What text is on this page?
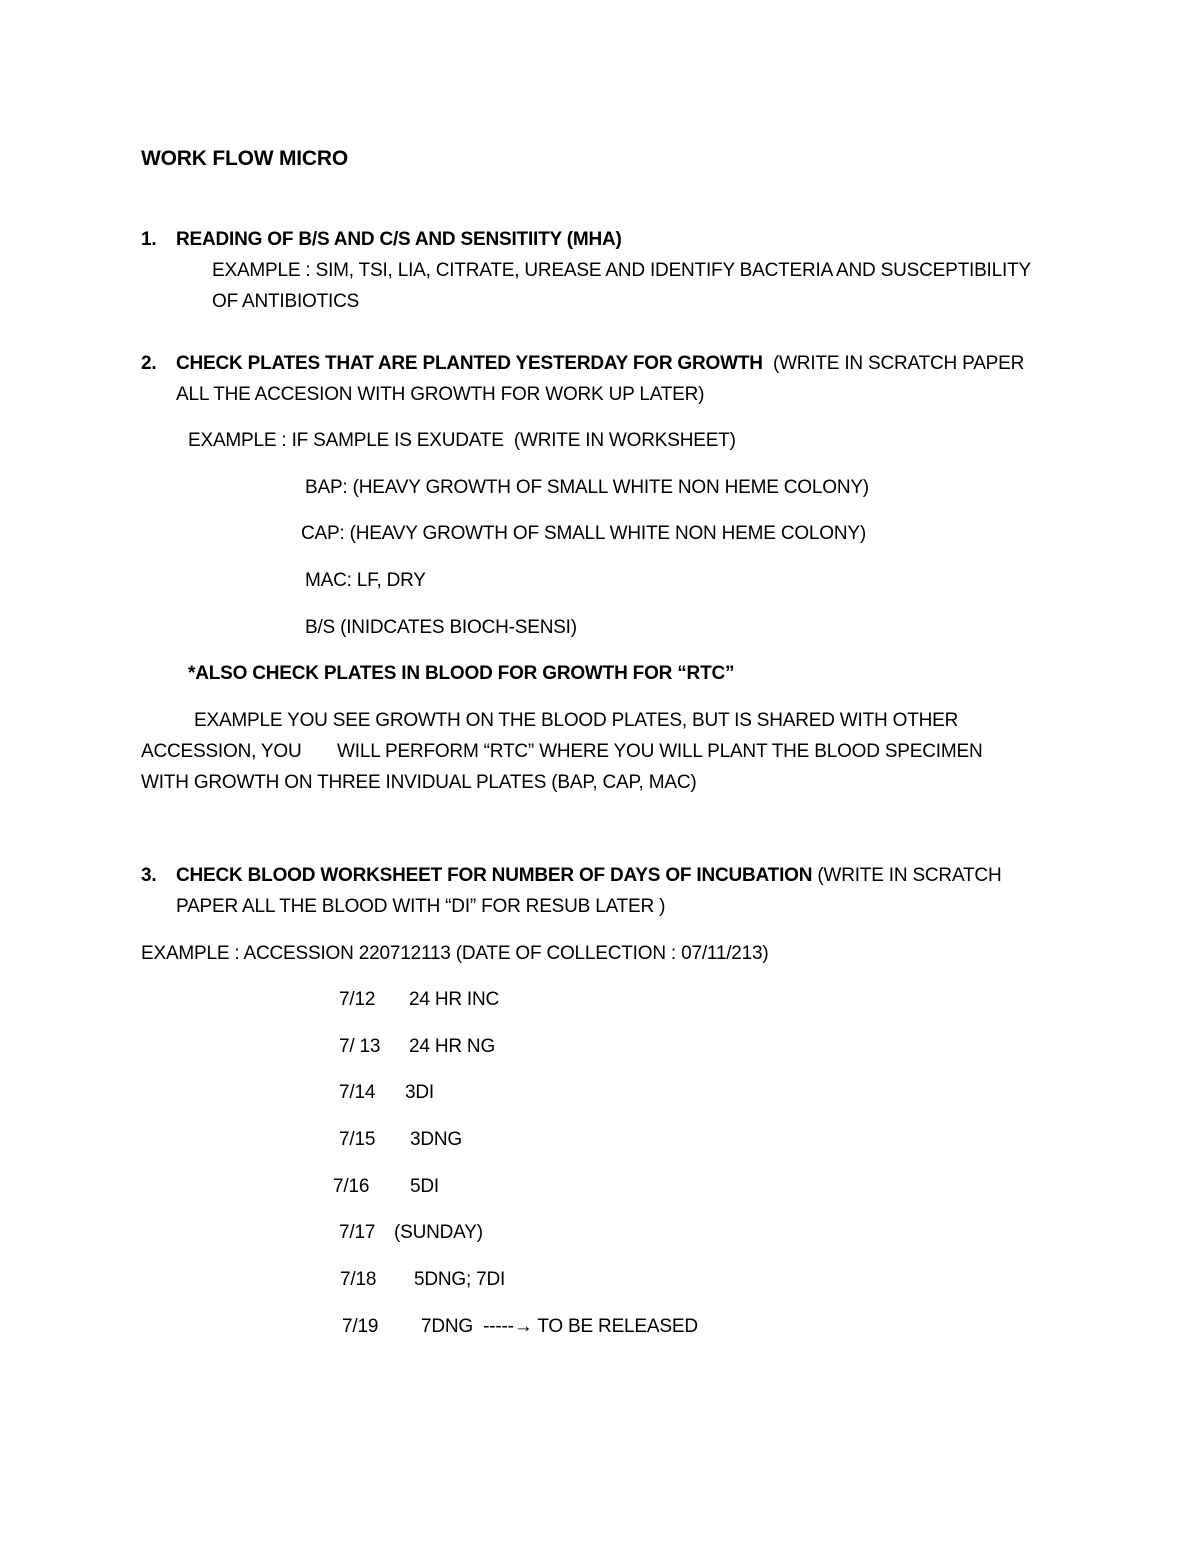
WORK FLOW MICRO
1. READING OF B/S AND C/S AND SENSITIITY (MHA)
EXAMPLE : SIM, TSI, LIA, CITRATE, UREASE AND IDENTIFY BACTERIA AND SUSCEPTIBILITY
OF ANTIBIOTICS
2. CHECK PLATES THAT ARE PLANTED YESTERDAY FOR GROWTH  (WRITE IN SCRATCH PAPER
ALL THE ACCESION WITH GROWTH FOR WORK UP LATER)
EXAMPLE : IF SAMPLE IS EXUDATE  (WRITE IN WORKSHEET)
BAP: (HEAVY GROWTH OF SMALL WHITE NON HEME COLONY)
CAP: (HEAVY GROWTH OF SMALL WHITE NON HEME COLONY)
MAC: LF, DRY
B/S (INIDCATES BIOCH-SENSI)
*ALSO CHECK PLATES IN BLOOD FOR GROWTH FOR “RTC”
EXAMPLE YOU SEE GROWTH ON THE BLOOD PLATES, BUT IS SHARED WITH OTHER
ACCESSION, YOU       WILL PERFORM “RTC” WHERE YOU WILL PLANT THE BLOOD SPECIMEN
WITH GROWTH ON THREE INVIDUAL PLATES (BAP, CAP, MAC)
3. CHECK BLOOD WORKSHEET FOR NUMBER OF DAYS OF INCUBATION (WRITE IN SCRATCH
PAPER ALL THE BLOOD WITH “DI” FOR RESUB LATER )
EXAMPLE : ACCESSION 220712113 (DATE OF COLLECTION : 07/11/213)
7/12 24 HR INC
7/ 13 24 HR NG
7/14 3DI
7/15 3DNG
7/16 5DI
7/17 (SUNDAY)
7/18 5DNG; 7DI
7/19 7DNG  -----→ TO BE RELEASED
